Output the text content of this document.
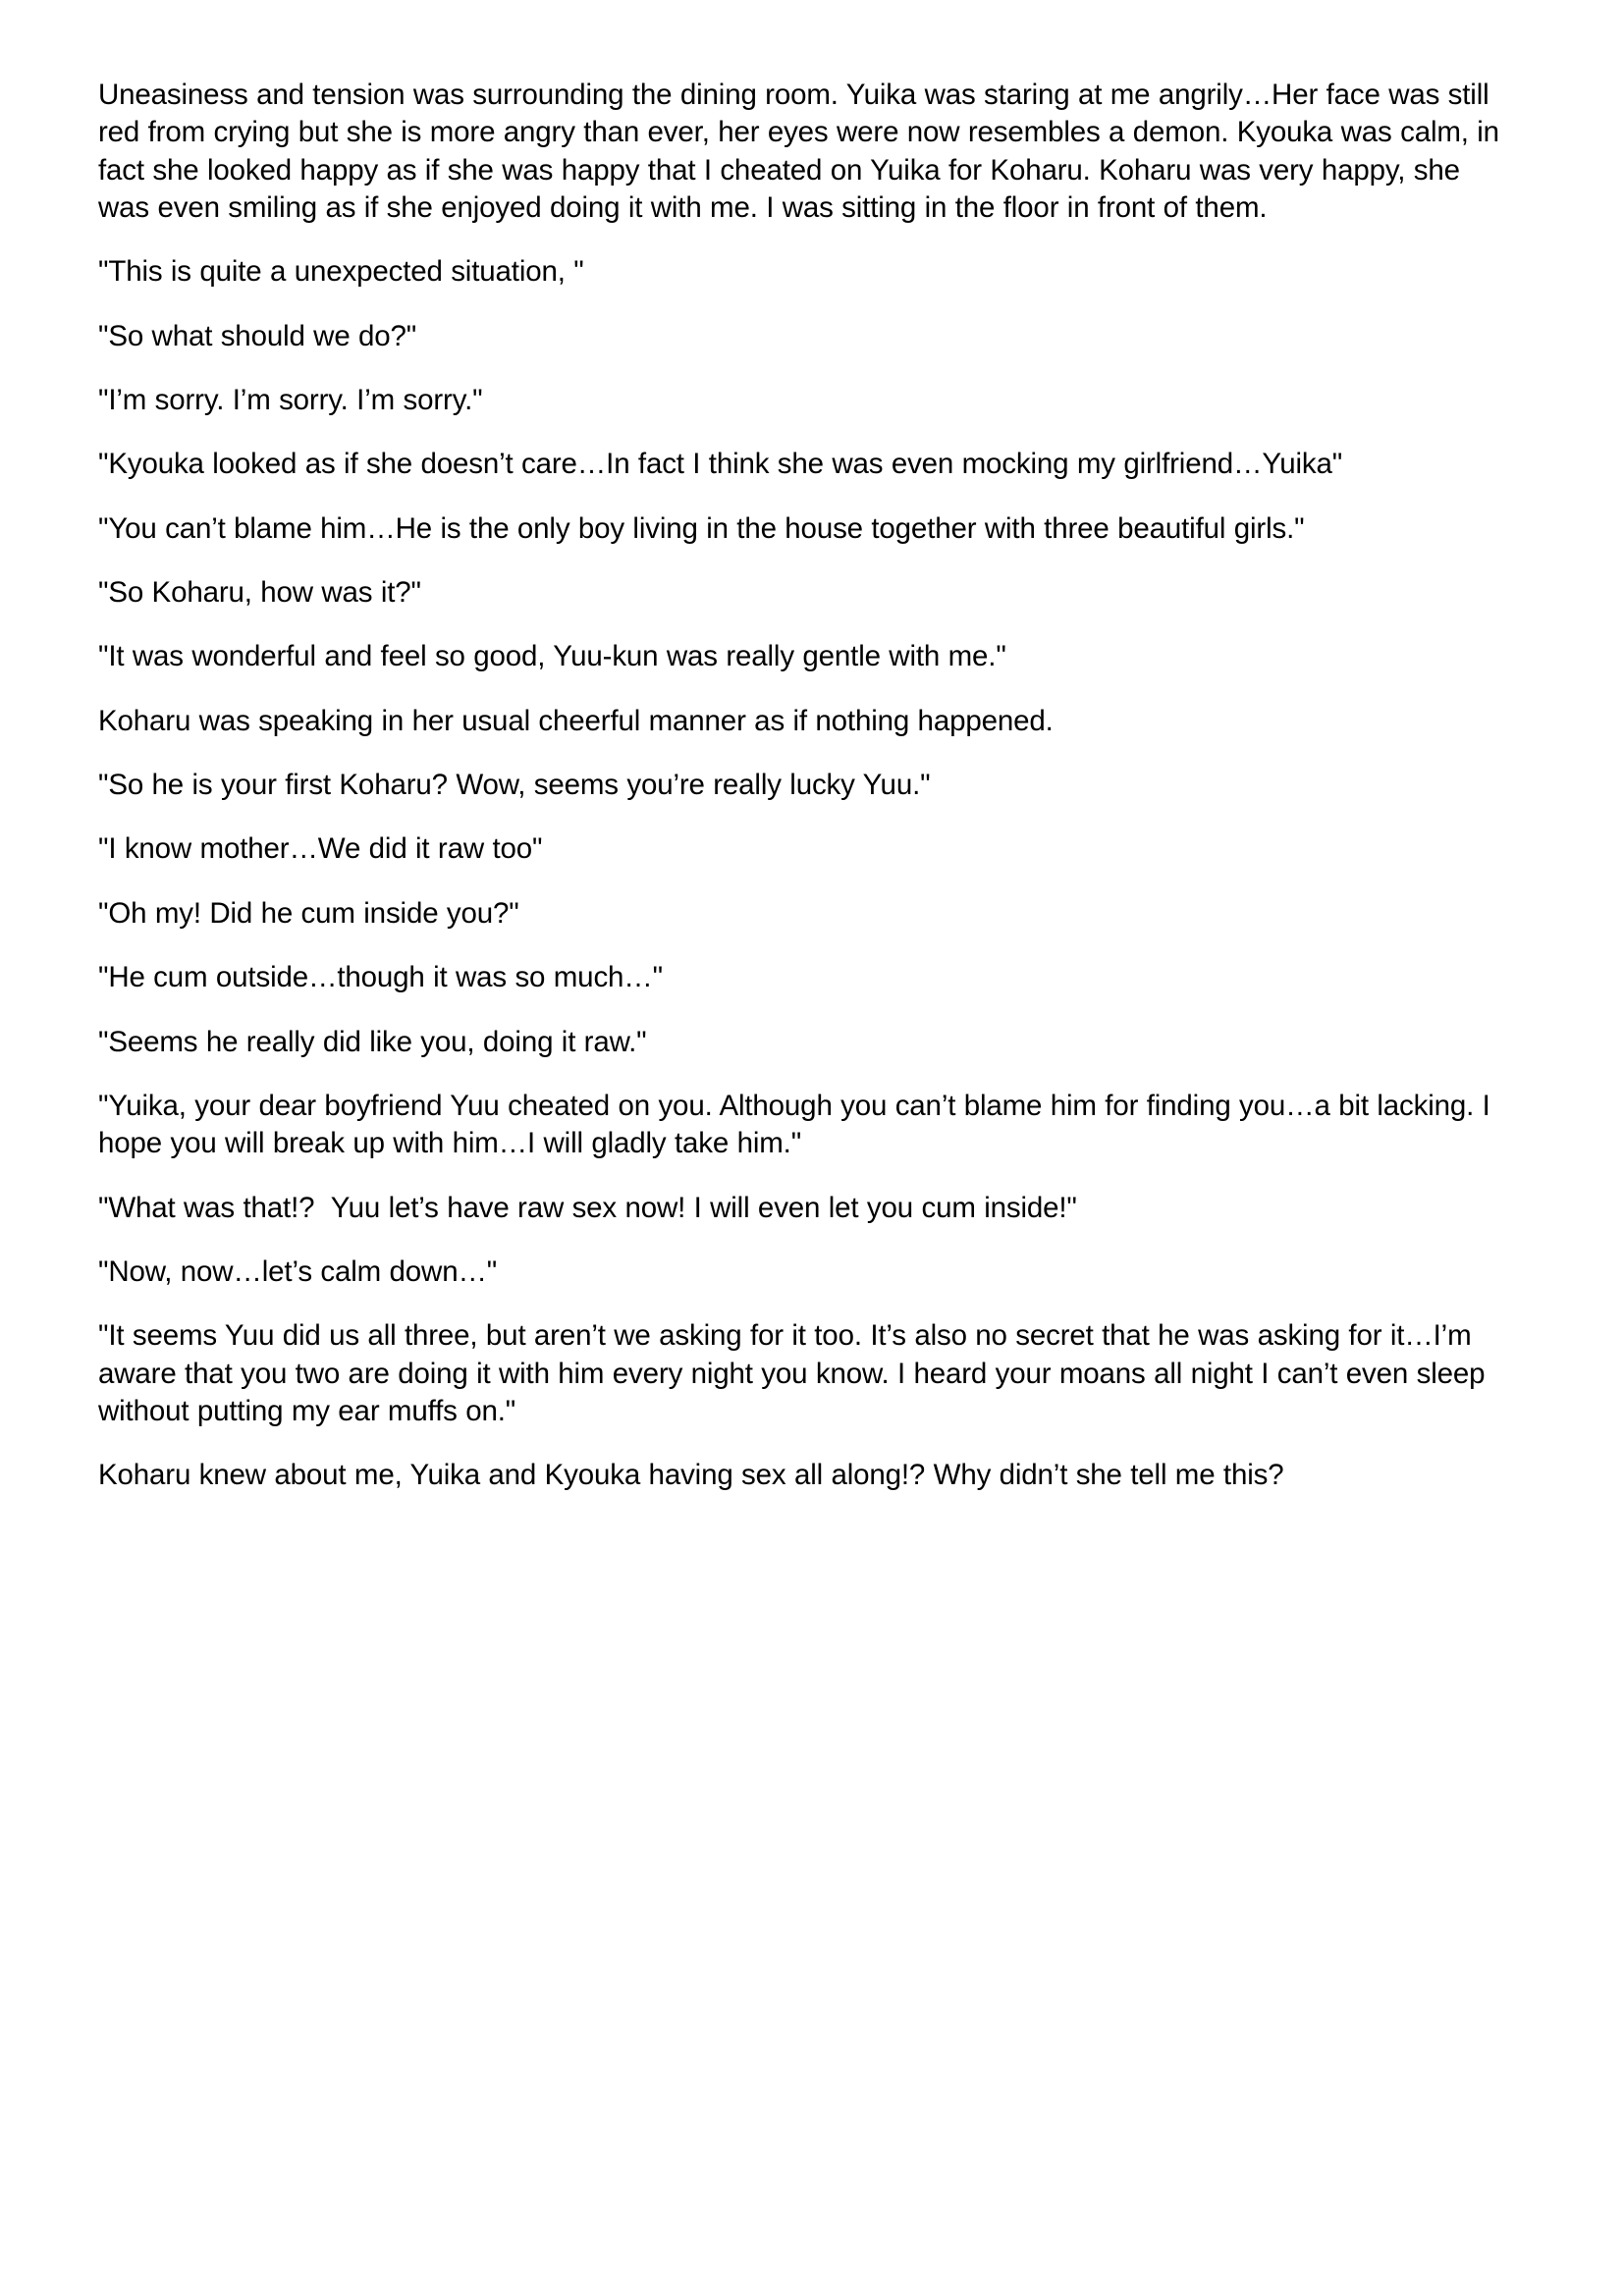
Uneasiness and tension was surrounding the dining room. Yuika was staring at me angrily…Her face was still red from crying but she is more angry than ever, her eyes were now resembles a demon. Kyouka was calm, in fact she looked happy as if she was happy that I cheated on Yuika for Koharu. Koharu was very happy, she was even smiling as if she enjoyed doing it with me. I was sitting in the floor in front of them.

"This is quite a unexpected situation, "

"So what should we do?"

"I’m sorry. I’m sorry. I’m sorry."

"Kyouka looked as if she doesn’t care…In fact I think she was even mocking my girlfriend…Yuika"

"You can’t blame him…He is the only boy living in the house together with three beautiful girls."

"So Koharu, how was it?"

"It was wonderful and feel so good, Yuu-kun was really gentle with me."

Koharu was speaking in her usual cheerful manner as if nothing happened.

"So he is your first Koharu? Wow, seems you’re really lucky Yuu."

"I know mother…We did it raw too"

"Oh my! Did he cum inside you?"

"He cum outside…though it was so much…"

"Seems he really did like you, doing it raw."

"Yuika, your dear boyfriend Yuu cheated on you. Although you can’t blame him for finding you…a bit lacking. I hope you will break up with him…I will gladly take him."

"What was that!?  Yuu let’s have raw sex now! I will even let you cum inside!"

"Now, now…let’s calm down…"

"It seems Yuu did us all three, but aren’t we asking for it too. It’s also no secret that he was asking for it…I’m aware that you two are doing it with him every night you know. I heard your moans all night I can’t even sleep without putting my ear muffs on."

Koharu knew about me, Yuika and Kyouka having sex all along!? Why didn’t she tell me this?
